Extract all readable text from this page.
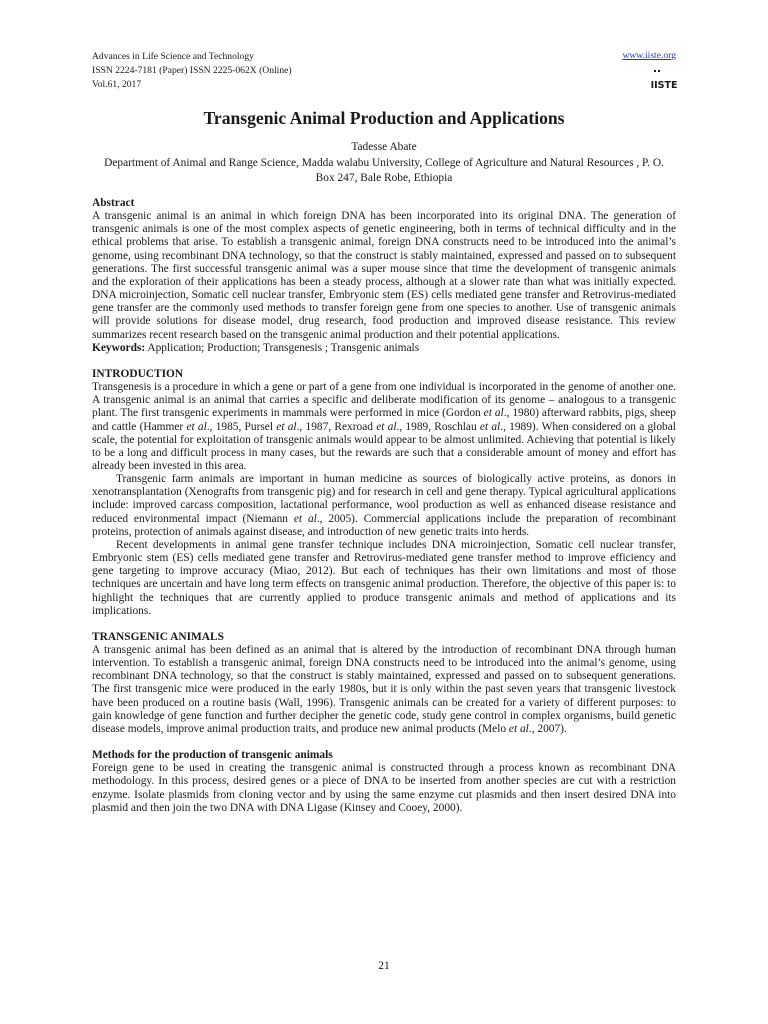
Advances in Life Science and Technology
ISSN 2224-7181 (Paper) ISSN 2225-062X (Online)
Vol.61, 2017
www.iiste.org
IISTE
Transgenic Animal Production and Applications
Tadesse Abate
Department of Animal and Range Science, Madda walabu University, College of Agriculture and Natural Resources , P. O. Box 247, Bale Robe, Ethiopia
Abstract

A transgenic animal is an animal in which foreign DNA has been incorporated into its original DNA. The generation of transgenic animals is one of the most complex aspects of genetic engineering, both in terms of technical difficulty and in the ethical problems that arise. To establish a transgenic animal, foreign DNA constructs need to be introduced into the animal’s genome, using recombinant DNA technology, so that the construct is stably maintained, expressed and passed on to subsequent generations. The first successful transgenic animal was a super mouse since that time the development of transgenic animals and the exploration of their applications has been a steady process, although at a slower rate than what was initially expected. DNA microinjection, Somatic cell nuclear transfer, Embryonic stem (ES) cells mediated gene transfer and Retrovirus-mediated gene transfer are the commonly used methods to transfer foreign gene from one species to another. Use of transgenic animals will provide solutions for disease model, drug research, food production and improved disease resistance. This review summarizes recent research based on the transgenic animal production and their potential applications.

Keywords: Application; Production; Transgenesis ; Transgenic animals

INTRODUCTION

Transgenesis is a procedure in which a gene or part of a gene from one individual is incorporated in the genome of another one. A transgenic animal is an animal that carries a specific and deliberate modification of its genome – analogous to a transgenic plant. The first transgenic experiments in mammals were performed in mice (Gordon et al., 1980) afterward rabbits, pigs, sheep and cattle (Hammer et al., 1985, Pursel et al., 1987, Rexroad et al., 1989, Roschlau et al., 1989). When considered on a global scale, the potential for exploitation of transgenic animals would appear to be almost unlimited. Achieving that potential is likely to be a long and difficult process in many cases, but the rewards are such that a considerable amount of money and effort has already been invested in this area.

Transgenic farm animals are important in human medicine as sources of biologically active proteins, as donors in xenotransplantation (Xenografts from transgenic pig) and for research in cell and gene therapy. Typical agricultural applications include: improved carcass composition, lactational performance, wool production as well as enhanced disease resistance and reduced environmental impact (Niemann et al., 2005). Commercial applications include the preparation of recombinant proteins, protection of animals against disease, and introduction of new genetic traits into herds.

Recent developments in animal gene transfer technique includes DNA microinjection, Somatic cell nuclear transfer, Embryonic stem (ES) cells mediated gene transfer and Retrovirus-mediated gene transfer method to improve efficiency and gene targeting to improve accuracy (Miao, 2012). But each of techniques has their own limitations and most of those techniques are uncertain and have long term effects on transgenic animal production. Therefore, the objective of this paper is: to highlight the techniques that are currently applied to produce transgenic animals and method of applications and its implications.

TRANSGENIC ANIMALS

A transgenic animal has been defined as an animal that is altered by the introduction of recombinant DNA through human intervention. To establish a transgenic animal, foreign DNA constructs need to be introduced into the animal’s genome, using recombinant DNA technology, so that the construct is stably maintained, expressed and passed on to subsequent generations. The first transgenic mice were produced in the early 1980s, but it is only within the past seven years that transgenic livestock have been produced on a routine basis (Wall, 1996). Transgenic animals can be created for a variety of different purposes: to gain knowledge of gene function and further decipher the genetic code, study gene control in complex organisms, build genetic disease models, improve animal production traits, and produce new animal products (Melo et al., 2007).

Methods for the production of transgenic animals

Foreign gene to be used in creating the transgenic animal is constructed through a process known as recombinant DNA methodology. In this process, desired genes or a piece of DNA to be inserted from another species are cut with a restriction enzyme. Isolate plasmids from cloning vector and by using the same enzyme cut plasmids and then insert desired DNA into plasmid and then join the two DNA with DNA Ligase (Kinsey and Cooey, 2000).

21
